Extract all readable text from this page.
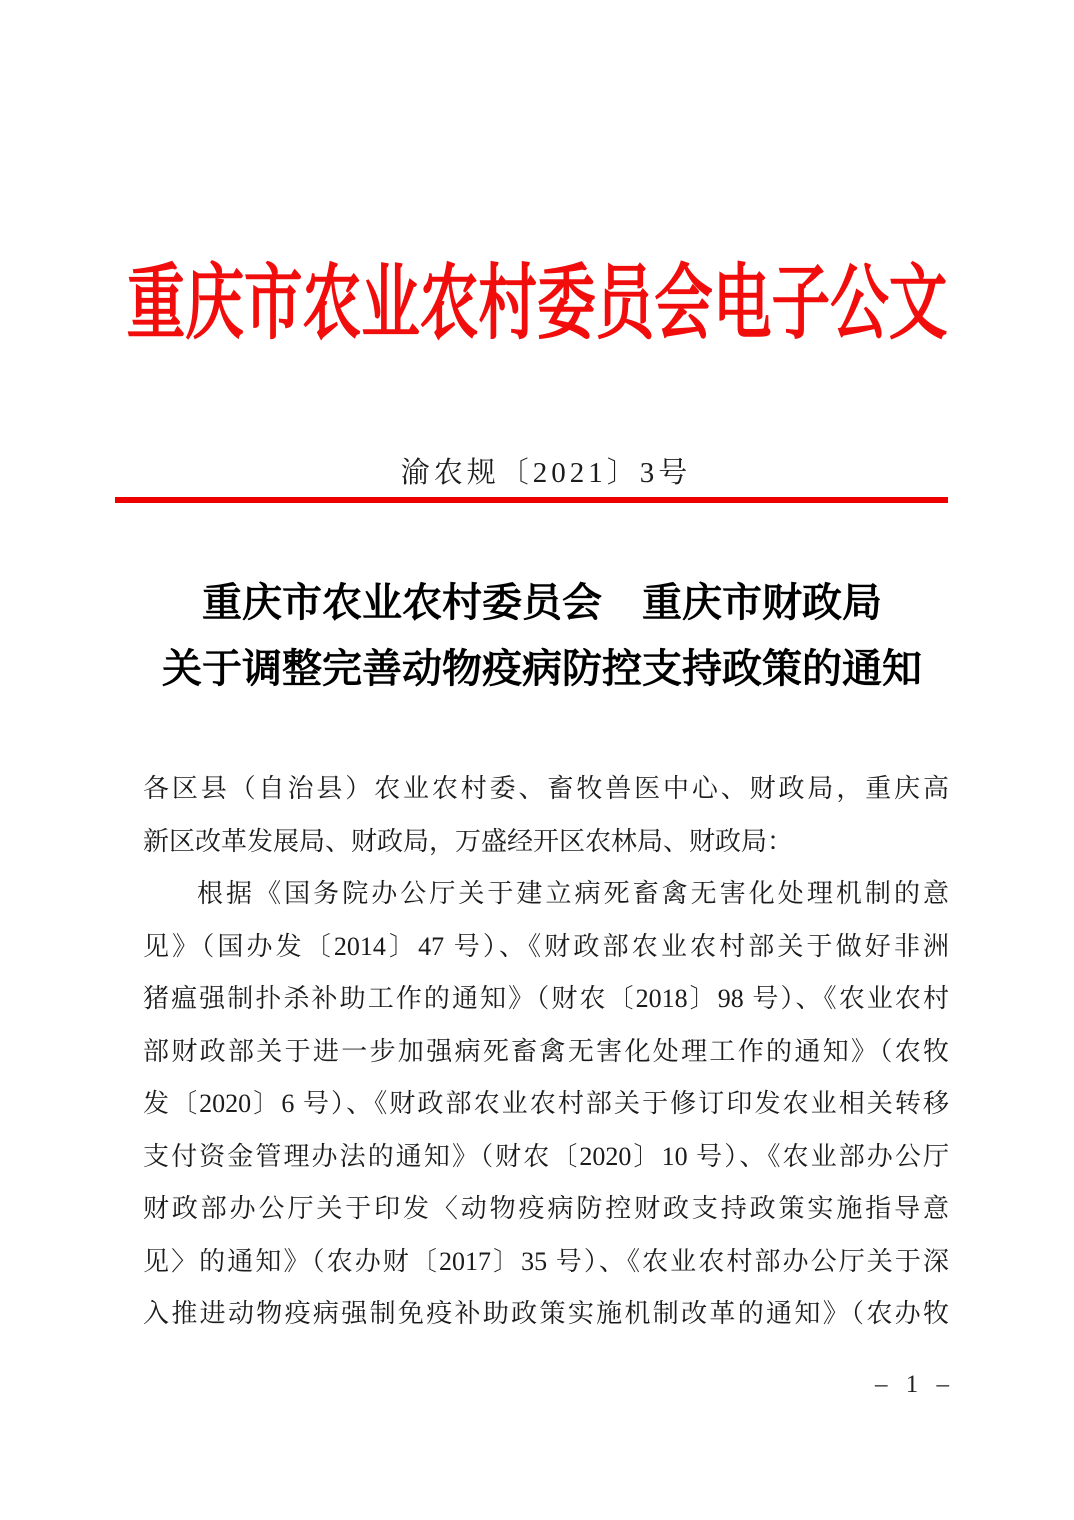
重庆市农业农村委员会电子公文
渝农规〔2021〕3号
重庆市农业农村委员会　重庆市财政局
关于调整完善动物疫病防控支持政策的通知
各区县（自治县）农业农村委、畜牧兽医中心、财政局，重庆高
新区改革发展局、财政局，万盛经开区农林局、财政局：
根据《国务院办公厅关于建立病死畜禽无害化处理机制的意
见》（国办发〔2014〕47 号）、《财政部农业农村部关于做好非洲
猪瘟强制扑杀补助工作的通知》（财农〔2018〕98 号）、《农业农村
部财政部关于进一步加强病死畜禽无害化处理工作的通知》（农牧
发〔2020〕6 号）、《财政部农业农村部关于修订印发农业相关转移
支付资金管理办法的通知》（财农〔2020〕10 号）、《农业部办公厅
财政部办公厅关于印发〈动物疫病防控财政支持政策实施指导意
见〉的通知》（农办财〔2017〕35 号）、《农业农村部办公厅关于深
入推进动物疫病强制免疫补助政策实施机制改革的通知》（农办牧
– 1 –
